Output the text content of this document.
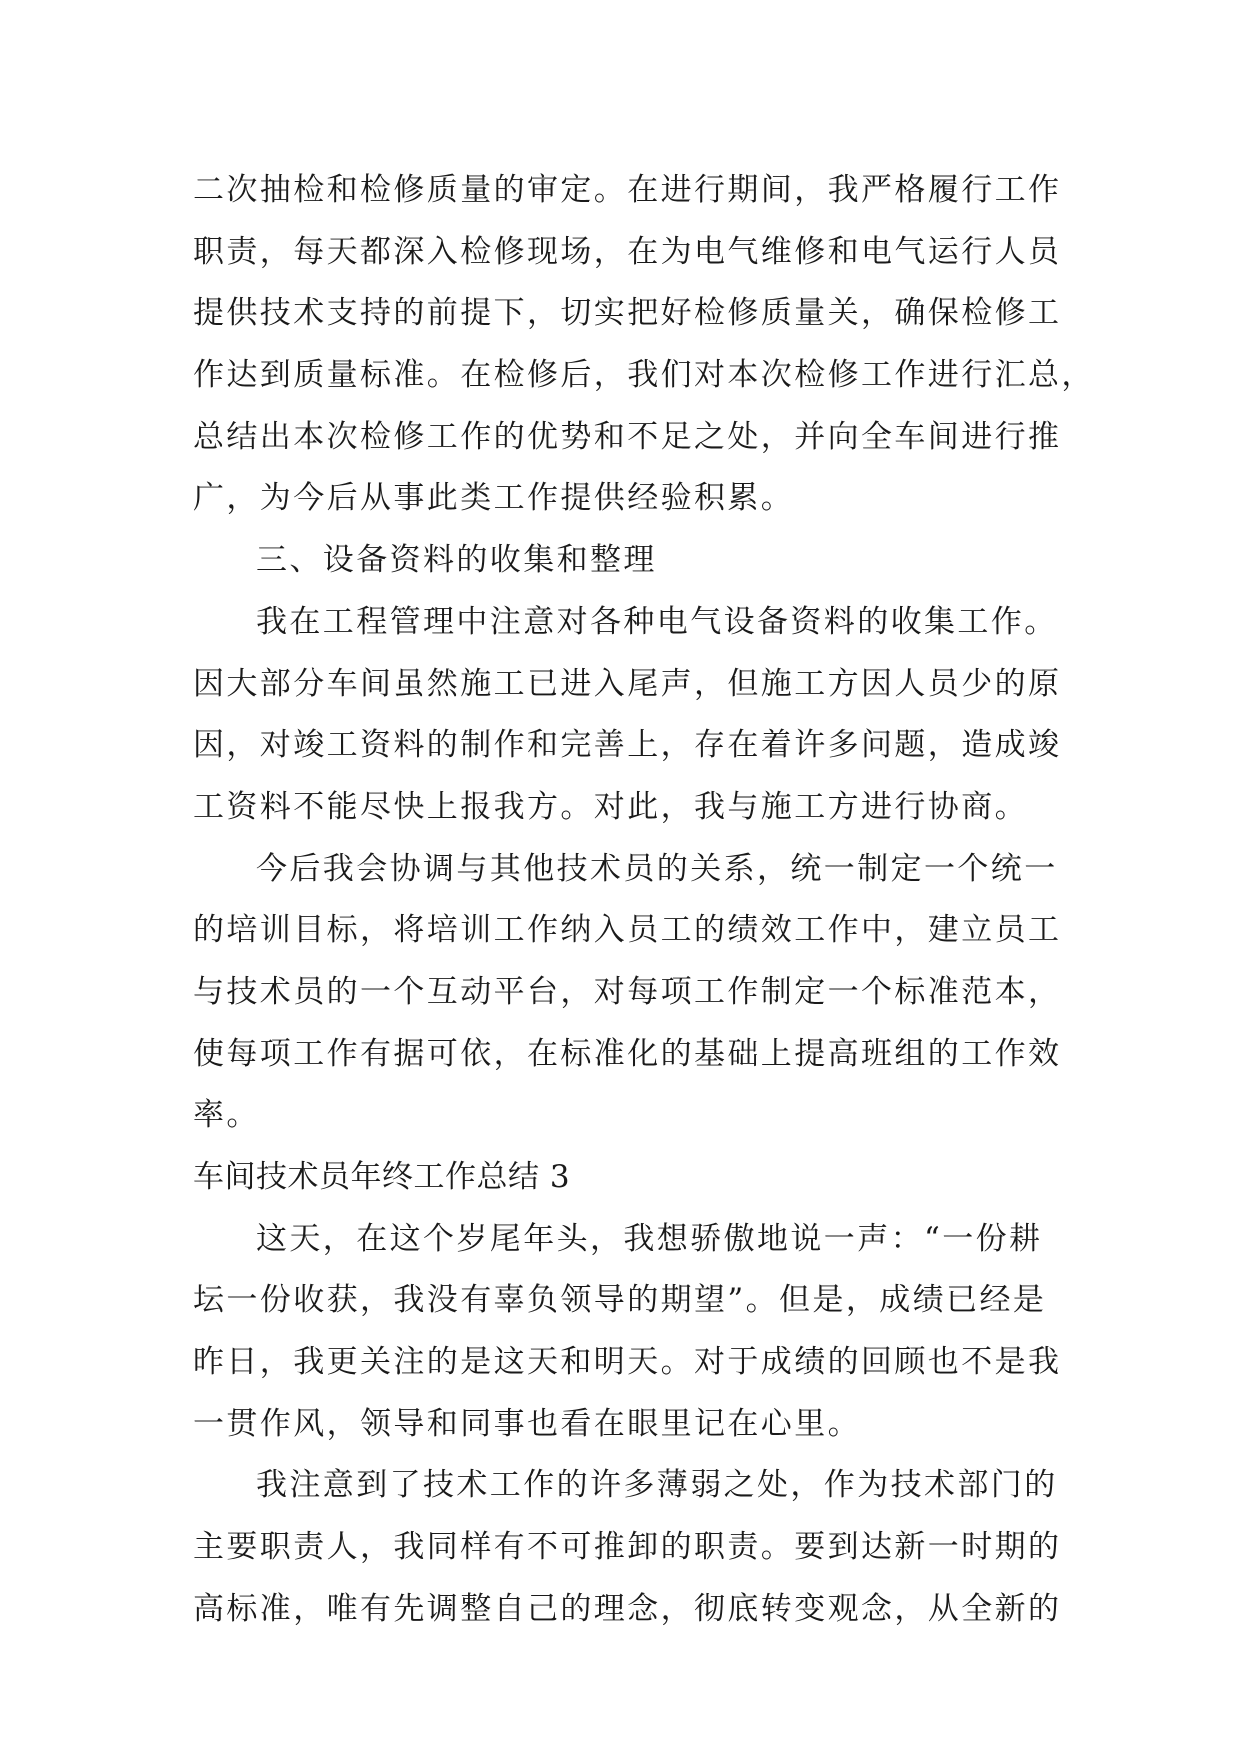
二次抽检和检修质量的审定。在进行期间，我严格履行工作
职责，每天都深入检修现场，在为电气维修和电气运行人员
提供技术支持的前提下，切实把好检修质量关，确保检修工
作达到质量标准。在检修后，我们对本次检修工作进行汇总，
总结出本次检修工作的优势和不足之处，并向全车间进行推
广，为今后从事此类工作提供经验积累。
三、设备资料的收集和整理
我在工程管理中注意对各种电气设备资料的收集工作。
因大部分车间虽然施工已进入尾声，但施工方因人员少的原
因，对竣工资料的制作和完善上，存在着许多问题，造成竣
工资料不能尽快上报我方。对此，我与施工方进行协商。
今后我会协调与其他技术员的关系，统一制定一个统一
的培训目标，将培训工作纳入员工的绩效工作中，建立员工
与技术员的一个互动平台，对每项工作制定一个标准范本，
使每项工作有据可依，在标准化的基础上提高班组的工作效
率。
车间技术员年终工作总结 3
这天，在这个岁尾年头，我想骄傲地说一声：“一份耕
坛一份收获，我没有辜负领导的期望”。但是，成绩已经是
昨日，我更关注的是这天和明天。对于成绩的回顾也不是我
一贯作风，领导和同事也看在眼里记在心里。
我注意到了技术工作的许多薄弱之处，作为技术部门的
主要职责人，我同样有不可推卸的职责。要到达新一时期的
高标准，唯有先调整自己的理念，彻底转变观念，从全新的
